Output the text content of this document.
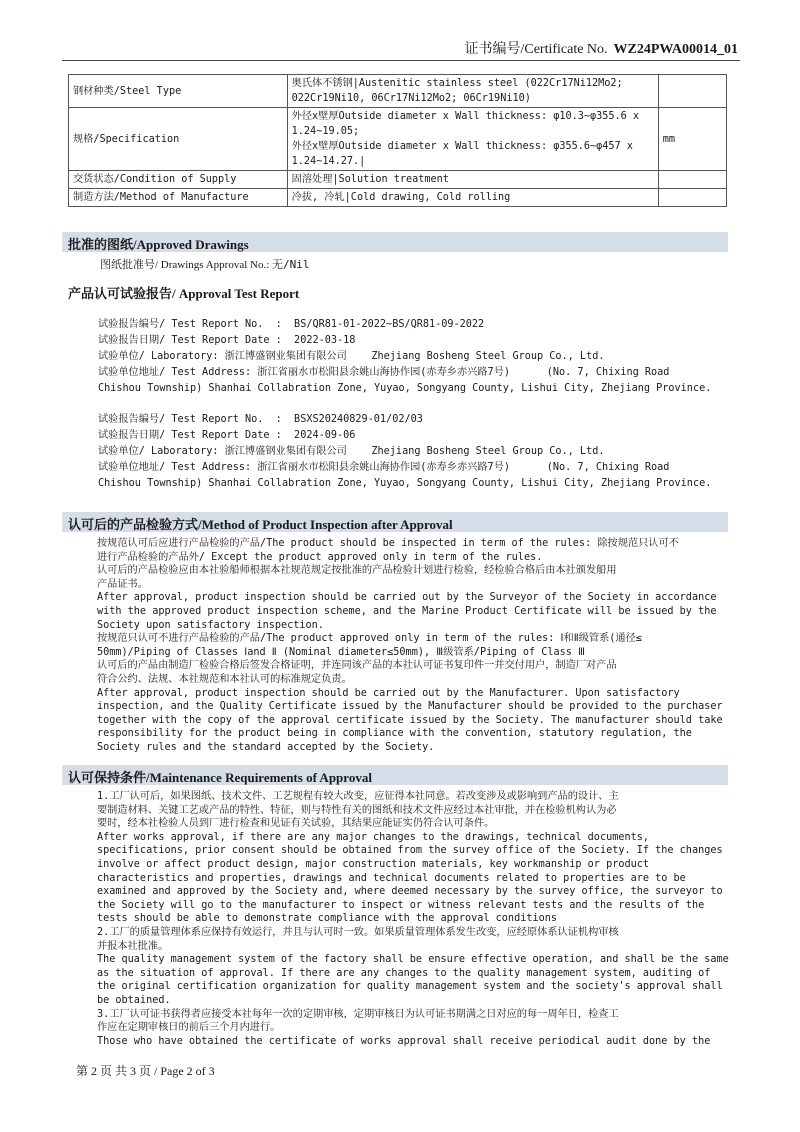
证书编号/Certificate No. WZ24PWA00014_01
钢材种类/Steel Type	奥氏体不锈钢|Austenitic stainless steel (022Cr17Ni12Mo2;
022Cr19Ni10, 06Cr17Ni12Mo2; 06Cr19Ni10)	

规格/Specification	外径x壁厚Outside diameter x Wall thickness: φ10.3~φ355.6 x
1.24~19.05;
外径x壁厚Outside diameter x Wall thickness: φ355.6~φ457 x
1.24~14.27.|	mm
交货状态/Condition of Supply	固溶处理|Solution treatment	

制造方法/Method of Manufacture	冷拔, 冷轧|Cold drawing, Cold rolling	

批准的图纸/Approved Drawings
图纸批准号/ Drawings Approval No.: 无/Nil
产品认可试验报告/ Approval Test Report

试验报告编号/ Test Report No.  :  BS/QR81-01-2022~BS/QR81-09-2022

试验报告日期/ Test Report Date :  2022-03-18

试验单位/ Laboratory: 浙江博盛钢业集团有限公司    Zhejiang Bosheng Steel Group Co., Ltd.

试验单位地址/ Test Address: 浙江省丽水市松阳县余姚山海协作园(赤寿乡赤兴路7号)      (No. 7, Chixing Road

Chishou Township) Shanhai Collabration Zone, Yuyao, Songyang County, Lishui City, Zhejiang Province.

试验报告编号/ Test Report No.  :  BSXS20240829-01/02/03

试验报告日期/ Test Report Date :  2024-09-06

试验单位/ Laboratory: 浙江博盛钢业集团有限公司    Zhejiang Bosheng Steel Group Co., Ltd.

试验单位地址/ Test Address: 浙江省丽水市松阳县余姚山海协作园(赤寿乡赤兴路7号)      (No. 7, Chixing Road

Chishou Township) Shanhai Collabration Zone, Yuyao, Songyang County, Lishui City, Zhejiang Province.

认可后的产品检验方式/Method of Product Inspection after Approval

按规范认可后应进行产品检验的产品/The product should be inspected in term of the rules: 除按规范只认可不

进行产品检验的产品外/ Except the product approved only in term of the rules.

认可后的产品检验应由本社验船师根据本社规范规定按批准的产品检验计划进行检验，经检验合格后由本社颁发船用

产品证书。

After approval, product inspection should be carried out by the Surveyor of the Society in accordance

with the approved product inspection scheme, and the Marine Product Certificate will be issued by the

Society upon satisfactory inspection.

按规范只认可不进行产品检验的产品/The product approved only in term of the rules: Ⅰ和Ⅱ级管系(通径≤

50mm)/Piping of Classes Ⅰand Ⅱ (Nominal diameter≤50mm), Ⅲ级管系/Piping of Class Ⅲ

认可后的产品由制造厂检验合格后签发合格证明，并连同该产品的本社认可证书复印件一并交付用户，制造厂对产品

符合公约、法规、本社规范和本社认可的标准规定负责。

After approval, product inspection should be carried out by the Manufacturer. Upon satisfactory

inspection, and the Quality Certificate issued by the Manufacturer should be provided to the purchaser

together with the copy of the approval certificate issued by the Society. The manufacturer should take

responsibility for the product being in compliance with the convention, statutory regulation, the

Society rules and the standard accepted by the Society.

认可保持条件/Maintenance Requirements of Approval

1.工厂认可后，如果图纸、技术文件、工艺规程有较大改变，应征得本社同意。若改变涉及或影响到产品的设计、主

要制造材料、关键工艺或产品的特性、特征，则与特性有关的图纸和技术文件应经过本社审批，并在检验机构认为必

要时，经本社检验人员到厂进行检查和见证有关试验，其结果应能证实仍符合认可条件。

After works approval, if there are any major changes to the drawings, technical documents,

specifications, prior consent should be obtained from the survey office of the Society. If the changes

involve or affect product design, major construction materials, key workmanship or product

characteristics and properties, drawings and technical documents related to properties are to be

examined and approved by the Society and, where deemed necessary by the survey office, the surveyor to

the Society will go to the manufacturer to inspect or witness relevant tests and the results of the

tests should be able to demonstrate compliance with the approval conditions

2.工厂的质量管理体系应保持有效运行，并且与认可时一致。如果质量管理体系发生改变，应经原体系认证机构审核

并报本社批准。

The quality management system of the factory shall be ensure effective operation, and shall be the same

as the situation of approval. If there are any changes to the quality management system, auditing of

the original certification organization for quality management system and the society's approval shall

be obtained.

3.工厂认可证书获得者应接受本社每年一次的定期审核，定期审核日为认可证书期满之日对应的每一周年日，检查工

作应在定期审核日的前后三个月内进行。

Those who have obtained the certificate of works approval shall receive periodical audit done by the

第 2 页 共 3 页 / Page 2 of 3
